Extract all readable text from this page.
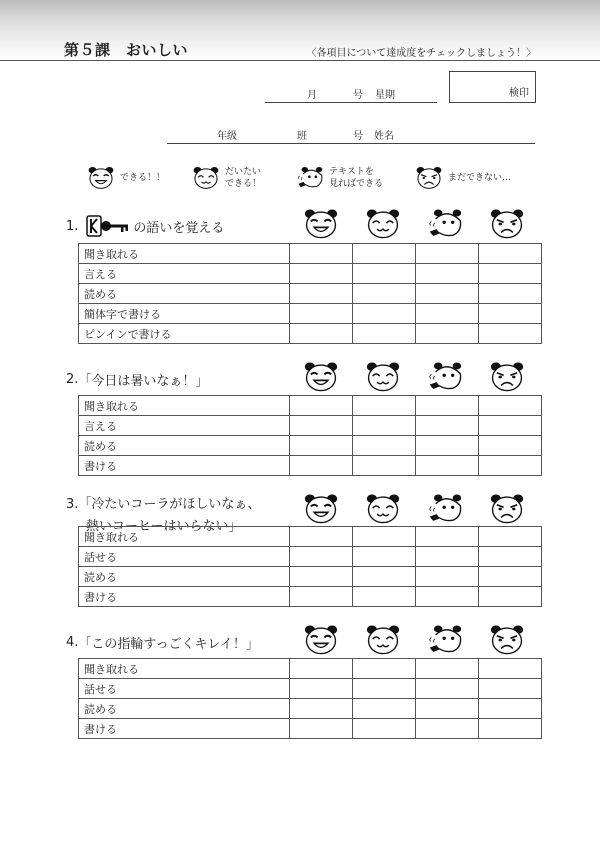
第５課　おいしい	〈各項目について達成度をチェックしましょう！〉
月	号 星期	検印
年级	班	号 姓名
できる！！
だいたい
できる！
テキストを
見ればできる
まだできない…
1.	の語いを覚える
聞き取れる				
言える				
読める				
簡体字で書ける				
ピンインで書ける				
2. 「今日は暑いなぁ！」
聞き取れる				
言える				
読める				
書ける				
3.「冷たいコーラがほしいなぁ、
熱いコーヒーはいらない」
聞き取れる				
話せる				
読める				
書ける				
4. 「この指輪すっごくキレイ！」
聞き取れる				
話せる				
読める				
書ける				
